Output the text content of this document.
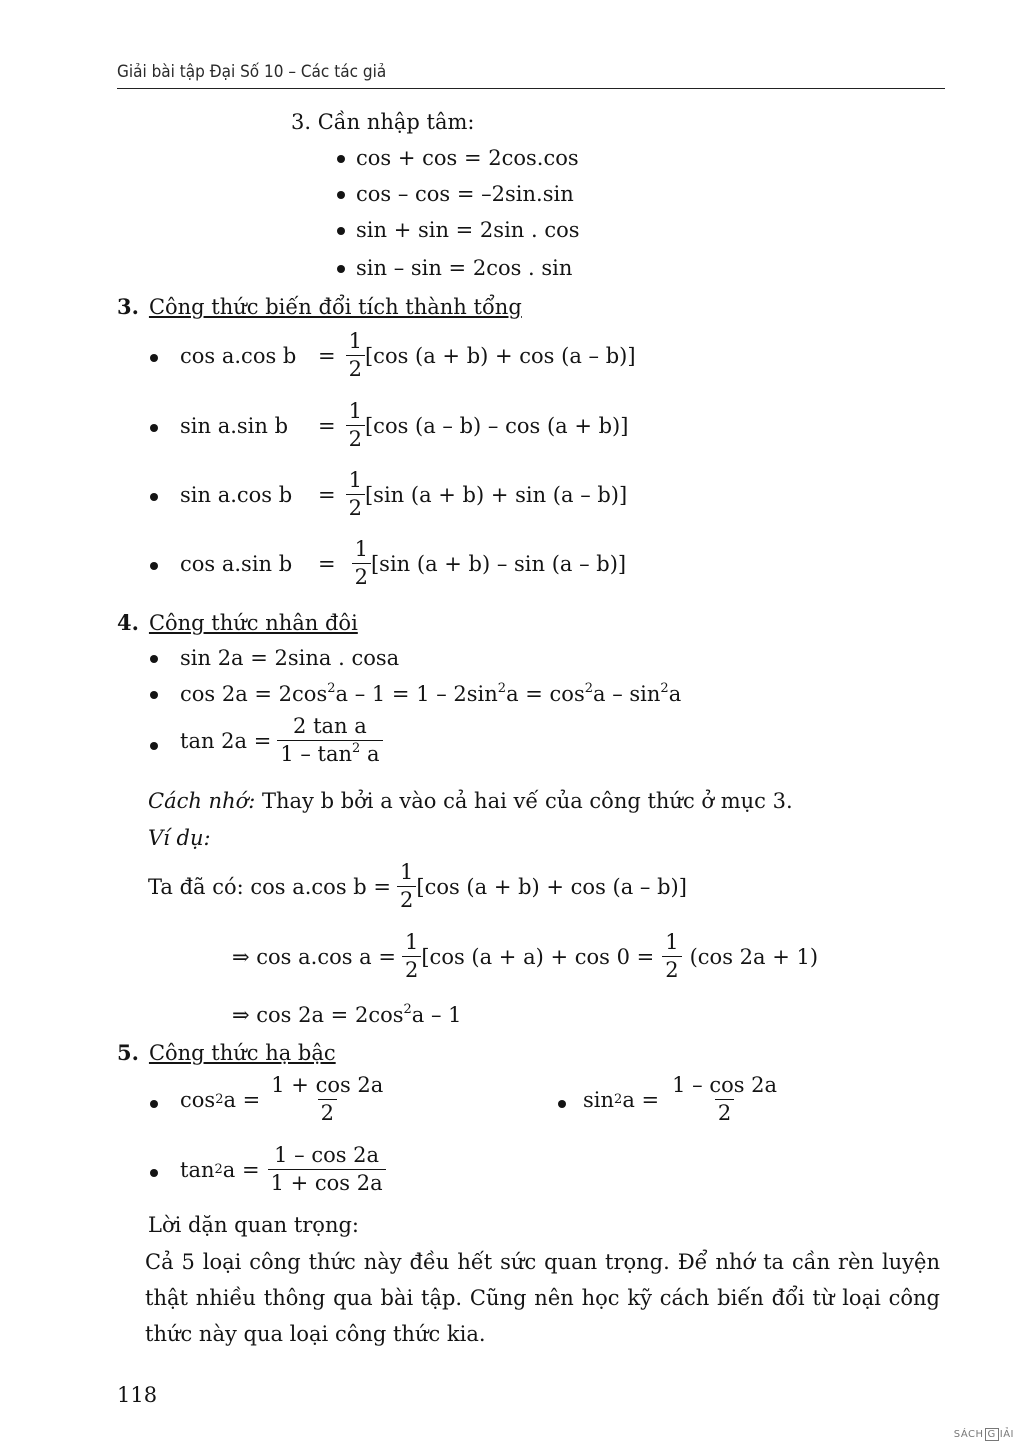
Giải bài tập Đại Số 10 – Các tác giả
3. Cần nhập tâm:
cos + cos = 2cos.cos
cos – cos = –2sin.sin
sin + sin = 2sin . cos
sin – sin = 2cos . sin
3. Công thức biến đổi tích thành tổng
cos a.cos b	= $\frac{1}{2} [\cos$ (a + b) + cos (a – b)]
sin a.sin b	= $\frac{1}{2} [\cos$ (a – b) – cos (a + b)]
sin a.cos b	= $\frac{1}{2} [\sin$ (a + b) + sin (a – b)]
cos a.sin b	= $\frac{1}{2} [\sin$ (a + b) – sin (a – b)]
4. Công thức nhân đôi
sin 2a = 2sina . cosa
$\cos 2a = 2\cos^2a - 1 = 1 - 2\sin^2a = \cos^2a - \sin^2a$
$\tan 2a = \frac{\text{2 tan a}}{1 - \tan^2 a}$
Cách nhớ: Thay b bởi a vào cả hai vế của công thức ở mục 3.
Ví dụ:
Ta đã có: cos a.cos $b = \frac{1}{2} [\cos$ (a + b) + cos (a – b)]
⇒ cos a.cos $a = \frac{1}{2} [\cos$ $(a + a) + \cos 0 = \frac{1}{2} (\cos$ 2a + 1)
⇒ $\cos 2a = 2\cos^2a - 1$
5. Công thức hạ bậc
cos 2 $a = \frac{1 + \cos 2a}{2}$	sin 2 $a = \frac{1 - \cos 2a}{2}$
tan 2 $a = \frac{1 - \cos 2a}{1 + \cos 2a}$
Lời dặn quan trọng:
Cả 5 loại công thức này đều hết sức quan trọng. Để nhớ ta cần rèn luyện thật nhiều thông qua bài tập. Cũng nên học kỹ cách biến đổi từ loại công thức này qua loại công thức kia.
118
SÁCH G IẢI
